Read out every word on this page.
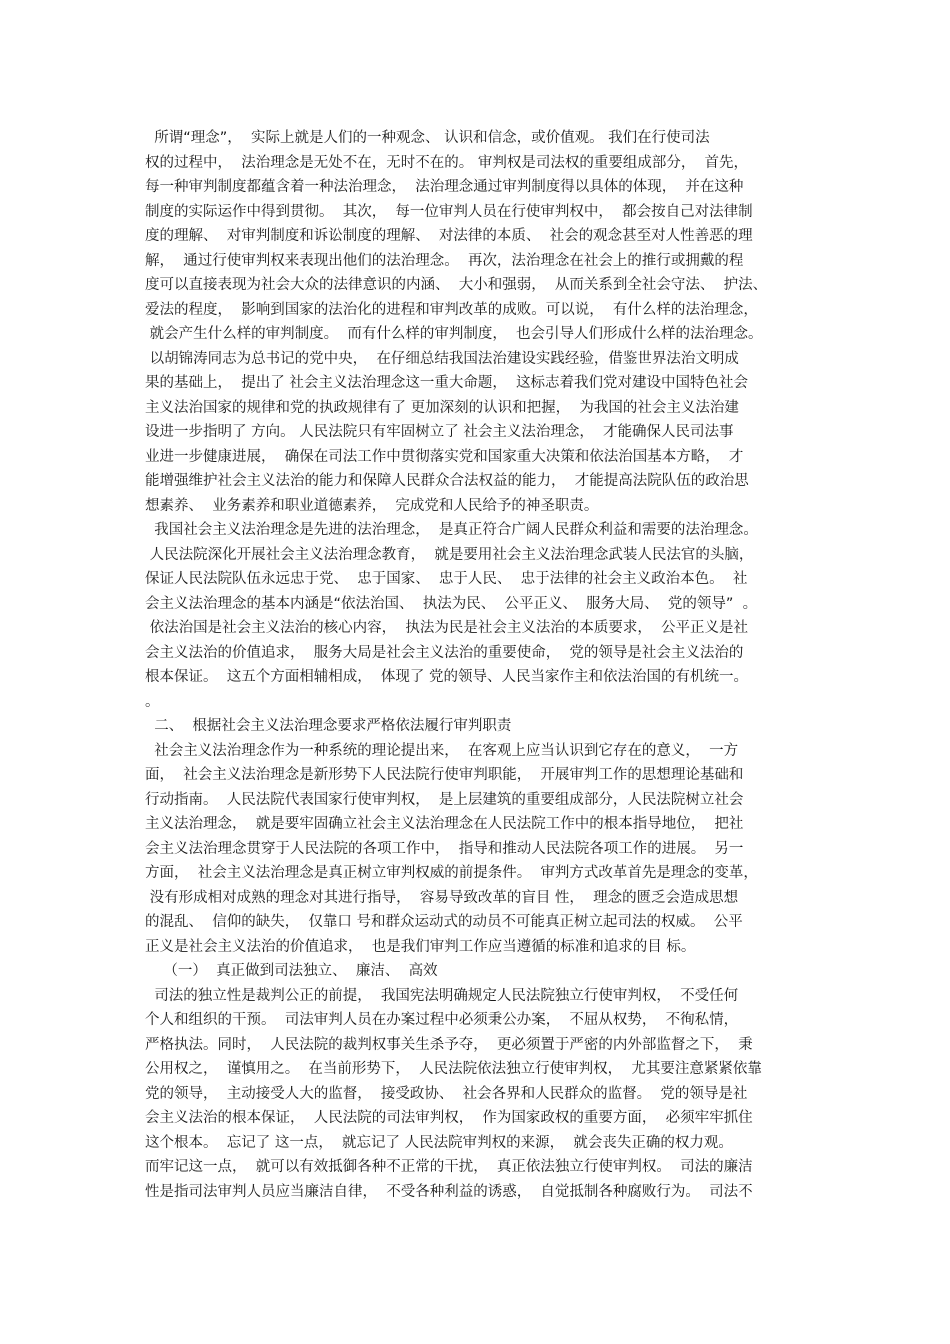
所谓“理念”，  实际上就是人们的一种观念、 认识和信念，或价值观。 我们在行使司法
权的过程中，  法治理念是无处不在，无时不在的。 审判权是司法权的重要组成部分，  首先，
每一种审判制度都蕴含着一种法治理念，  法治理念通过审判制度得以具体的体现，  并在这种
制度的实际运作中得到贯彻。  其次，  每一位审判人员在行使审判权中，  都会按自己对法律制
度的理解、  对审判制度和诉讼制度的理解、  对法律的本质、  社会的观念甚至对人性善恶的理
解，  通过行使审判权来表现出他们的法治理念。  再次，法治理念在社会上的推行或拥戴的程
度可以直接表现为社会大众的法律意识的内涵、  大小和强弱，  从而关系到全社会守法、  护法、
爱法的程度，  影响到国家的法治化的进程和审判改革的成败。可以说，  有什么样的法治理念，
就会产生什么样的审判制度。  而有什么样的审判制度，  也会引导人们形成什么样的法治理念。
以胡锦涛同志为总书记的党中央，  在仔细总结我国法治建设实践经验，借鉴世界法治文明成
果的基础上，  提出了 社会主义法治理念这一重大命题，  这标志着我们党对建设中国特色社会
主义法治国家的规律和党的执政规律有了 更加深刻的认识和把握，  为我国的社会主义法治建
设进一步指明了 方向。 人民法院只有牢固树立了 社会主义法治理念，  才能确保人民司法事
业进一步健康进展，  确保在司法工作中贯彻落实党和国家重大决策和依法治国基本方略，  才
能增强维护社会主义法治的能力和保障人民群众合法权益的能力，  才能提高法院队伍的政治思
想素养、  业务素养和职业道德素养，  完成党和人民给予的神圣职责。
我国社会主义法治理念是先进的法治理念，  是真正符合广阔人民群众利益和需要的法治理念。
人民法院深化开展社会主义法治理念教育，  就是要用社会主义法治理念武装人民法官的头脑，
保证人民法院队伍永远忠于党、  忠于国家、  忠于人民、  忠于法律的社会主义政治本色。  社
会主义法治理念的基本内涵是“依法治国、  执法为民、  公平正义、  服务大局、  党的领导”  。
依法治国是社会主义法治的核心内容，  执法为民是社会主义法治的本质要求，  公平正义是社
会主义法治的价值追求，  服务大局是社会主义法治的重要使命，  党的领导是社会主义法治的
根本保证。  这五个方面相辅相成，  体现了 党的领导、人民当家作主和依法治国的有机统一。
。
二、  根据社会主义法治理念要求严格依法履行审判职责
社会主义法治理念作为一种系统的理论提出来，  在客观上应当认识到它存在的意义，  一方
面，  社会主义法治理念是新形势下人民法院行使审判职能，  开展审判工作的思想理论基础和
行动指南。  人民法院代表国家行使审判权，  是上层建筑的重要组成部分，人民法院树立社会
主义法治理念，  就是要牢固确立社会主义法治理念在人民法院工作中的根本指导地位，  把社
会主义法治理念贯穿于人民法院的各项工作中，  指导和推动人民法院各项工作的进展。  另一
方面，  社会主义法治理念是真正树立审判权威的前提条件。  审判方式改革首先是理念的变革，
没有形成相对成熟的理念对其进行指导，  容易导致改革的盲目 性，  理念的匮乏会造成思想
的混乱、  信仰的缺失，  仅靠口 号和群众运动式的动员不可能真正树立起司法的权威。  公平
正义是社会主义法治的价值追求，  也是我们审判工作应当遵循的标准和追求的目 标。
（一）  真正做到司法独立、  廉洁、  高效
司法的独立性是裁判公正的前提，  我国宪法明确规定人民法院独立行使审判权，  不受任何
个人和组织的干预。  司法审判人员在办案过程中必须秉公办案，  不屈从权势，  不徇私情，
严格执法。同时，  人民法院的裁判权事关生杀予夺，  更必须置于严密的内外部监督之下，  秉
公用权之，  谨慎用之。  在当前形势下，  人民法院依法独立行使审判权，  尤其要注意紧紧依靠
党的领导，  主动接受人大的监督，  接受政协、  社会各界和人民群众的监督。  党的领导是社
会主义法治的根本保证，  人民法院的司法审判权，  作为国家政权的重要方面，  必须牢牢抓住
这个根本。  忘记了 这一点，  就忘记了 人民法院审判权的来源，  就会丧失正确的权力观。
而牢记这一点，  就可以有效抵御各种不正常的干扰，  真正依法独立行使审判权。  司法的廉洁
性是指司法审判人员应当廉洁自律，  不受各种利益的诱惑，  自觉抵制各种腐败行为。  司法不
